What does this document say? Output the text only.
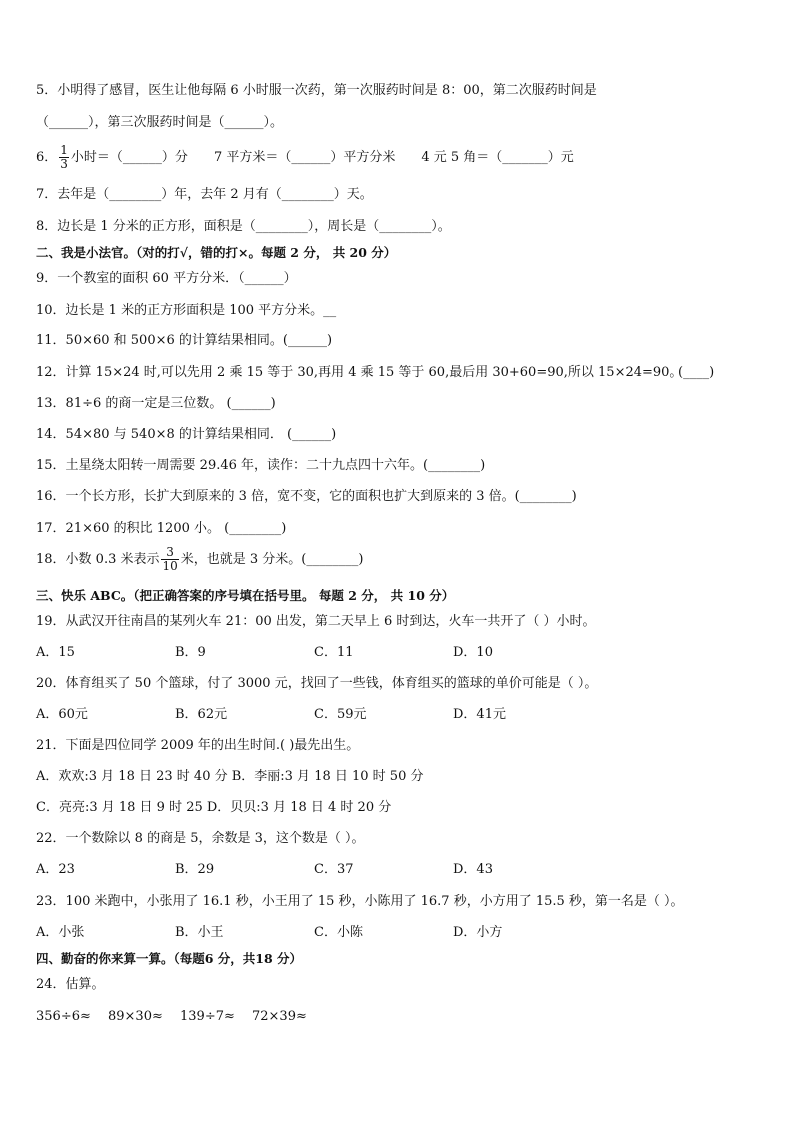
5．小明得了感冒，医生让他每隔 6 小时服一次药，第一次服药时间是 8：00，第二次服药时间是
（______），第三次服药时间是（______）。
6． $\frac{1}{3}$ 小时＝（______）分 7 平方米＝（______）平方分米 4 元 5 角＝（_______）元
7．去年是（________）年，去年 2 月有（________）天。
8．边长是 1 分米的正方形，面积是（________），周长是（________）。
二、我是小法官。（对的打√，错的打×。每题 2 分， 共 20 分）
9．一个教室的面积 60 平方分米．（______）
10．边长是 1 米的正方形面积是 100 平方分米。__
11．50×60 和 500×6 的计算结果相同。(______)
12．计算 15×24 时,可以先用 2 乘 15 等于 30,再用 4 乘 15 等于 60,最后用 30+60=90,所以 15×24=90。
(____)
13．81÷6 的商一定是三位数。 (______)
14．54×80 与 540×8 的计算结果相同． (______)
15．土星绕太阳转一周需要 29.46 年，读作：二十九点四十六年。(________)
16．一个长方形，长扩大到原来的 3 倍，宽不变，它的面积也扩大到原来的 3 倍。(________)
17．21×60 的积比 1200 小。 (________)
18．小数 0.3 米表示 $\frac{3}{10}$ 米，也就是 3 分米。(________)
三、快乐 ABC。（把正确答案的序号填在括号里。 每题 2 分， 共 10 分）
19．从武汉开往南昌的某列火车 21：00 出发，第二天早上 6 时到达，火车一共开了（ ）小时。
A．15	B．9	C．11	D．10
20．体育组买了 50 个篮球，付了 3000 元，找回了一些钱，体育组买的篮球的单价可能是（ ）。
A．60元	B．62元	C．59元	D．41元
21．下面是四位同学 2009 年的出生时间.( )最先出生。
A．欢欢:3 月 18 日 23 时 40 分 B．李丽:3 月 18 日 10 时 50 分
C．亮亮:3 月 18 日 9 时 25 D．贝贝:3 月 18 日 4 时 20 分
22．一个数除以 8 的商是 5，余数是 3，这个数是（ ）。
A．23	B．29	C．37	D．43
23．100 米跑中，小张用了 16.1 秒，小王用了 15 秒，小陈用了 16.7 秒，小方用了 15.5 秒，第一名是（ ）。
A．小张	B．小王	C．小陈	D．小方
四、勤奋的你来算一算。（每题6 分，共18 分）
24．估算。
356÷6≈ 89×30≈ 139÷7≈ 72×39≈
